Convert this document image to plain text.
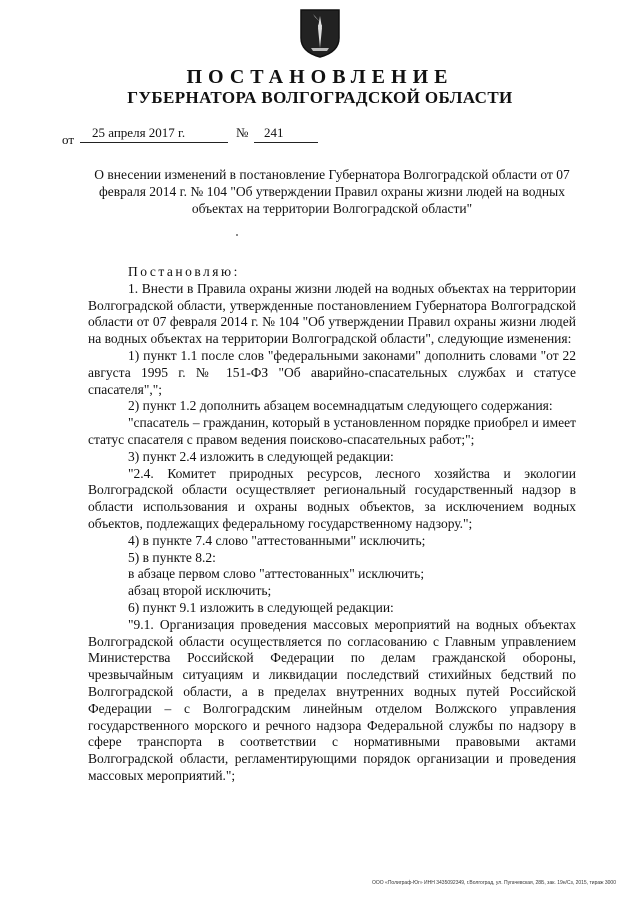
ПОСТАНОВЛЕНИЕ
ГУБЕРНАТОРА ВОЛГОГРАДСКОЙ ОБЛАСТИ
от 25 апреля 2017 г.	№ 241
О внесении изменений в постановление Губернатора Волгоградской области от 07 февраля 2014 г. № 104 "Об утверждении Правил охраны жизни людей на водных объектах на территории Волгоградской области"

Постановляю:

1. Внести в Правила охраны жизни людей на водных объектах на территории Волгоградской области, утвержденные постановлением Губернатора Волгоградской области от 07 февраля 2014 г. № 104 "Об утверждении Правил охраны жизни людей на водных объектах на территории Волгоградской области", следующие изменения:

1) пункт 1.1 после слов "федеральными законами" дополнить словами "от 22 августа 1995 г. № 151-ФЗ "Об аварийно-спасательных службах и статусе спасателя",";

2) пункт 1.2 дополнить абзацем восемнадцатым следующего содержания:

"спасатель – гражданин, который в установленном порядке приобрел и имеет статус спасателя с правом ведения поисково-спасательных работ;";

3) пункт 2.4 изложить в следующей редакции:

"2.4. Комитет природных ресурсов, лесного хозяйства и экологии Волгоградской области осуществляет региональный государственный надзор в области использования и охраны водных объектов, за исключением водных объектов, подлежащих федеральному государственному надзору.";

4) в пункте 7.4 слово "аттестованными" исключить;

5) в пункте 8.2:

в абзаце первом слово "аттестованных" исключить;

абзац второй исключить;

6) пункт 9.1 изложить в следующей редакции:

"9.1. Организация проведения массовых мероприятий на водных объектах Волгоградской области осуществляется по согласованию с Главным управлением Министерства Российской Федерации по делам гражданской обороны, чрезвычайным ситуациям и ликвидации последствий стихийных бедствий по Волгоградской области, а в пределах внутренних водных путей Российской Федерации – с Волгоградским линейным отделом Волжского управления государственного морского и речного надзора Федеральной службы по надзору в сфере транспорта в соответствии с нормативными правовыми актами Волгоградской области, регламентирующими порядок организации и проведения массовых мероприятий.";

ООО «Полиграф-Юг» ИНН 3435092349, г.Волгоград, ул. Пугачевская, 28Б, зак. 19н/Сз, 2015, тираж 3000
